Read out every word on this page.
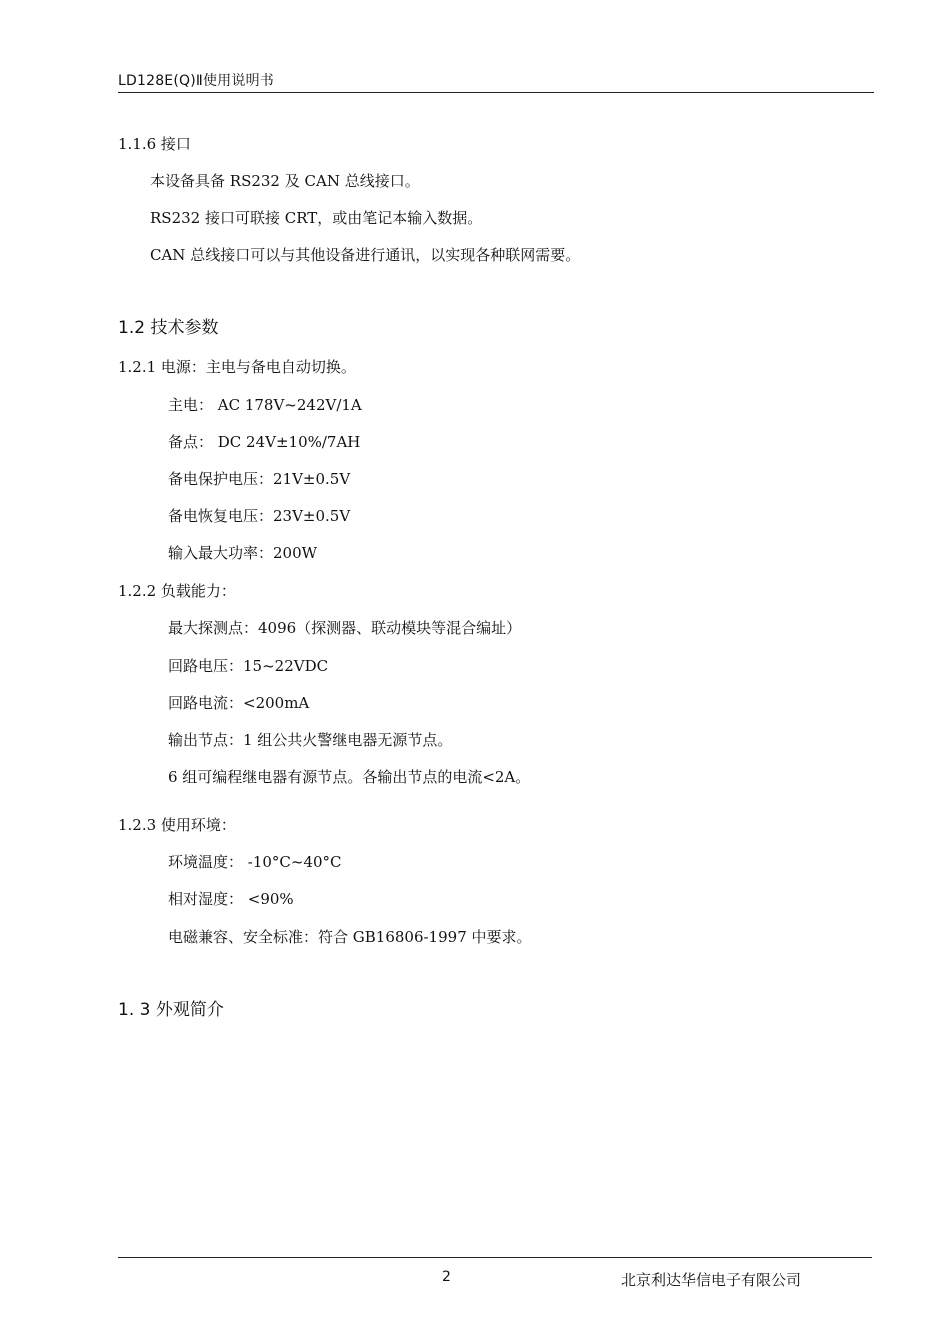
LD128E(Q)Ⅱ使用说明书
1.1.6 接口
本设备具备 RS232 及 CAN 总线接口。
RS232 接口可联接 CRT，或由笔记本输入数据。
CAN 总线接口可以与其他设备进行通讯，以实现各种联网需要。
1.2 技术参数
1.2.1 电源：主电与备电自动切换。
主电： AC 178V~242V/1A
备点： DC 24V±10%/7AH
备电保护电压：21V±0.5V
备电恢复电压：23V±0.5V
输入最大功率：200W
1.2.2 负载能力：
最大探测点：4096（探测器、联动模块等混合编址）
回路电压：15~22VDC
回路电流：<200mA
输出节点：1 组公共火警继电器无源节点。
6 组可编程继电器有源节点。各输出节点的电流<2A。
1.2.3 使用环境：
环境温度： -10°C~40°C
相对湿度： <90%
电磁兼容、安全标准：符合 GB16806-1997 中要求。
1. 3 外观简介
2	北京利达华信电子有限公司
